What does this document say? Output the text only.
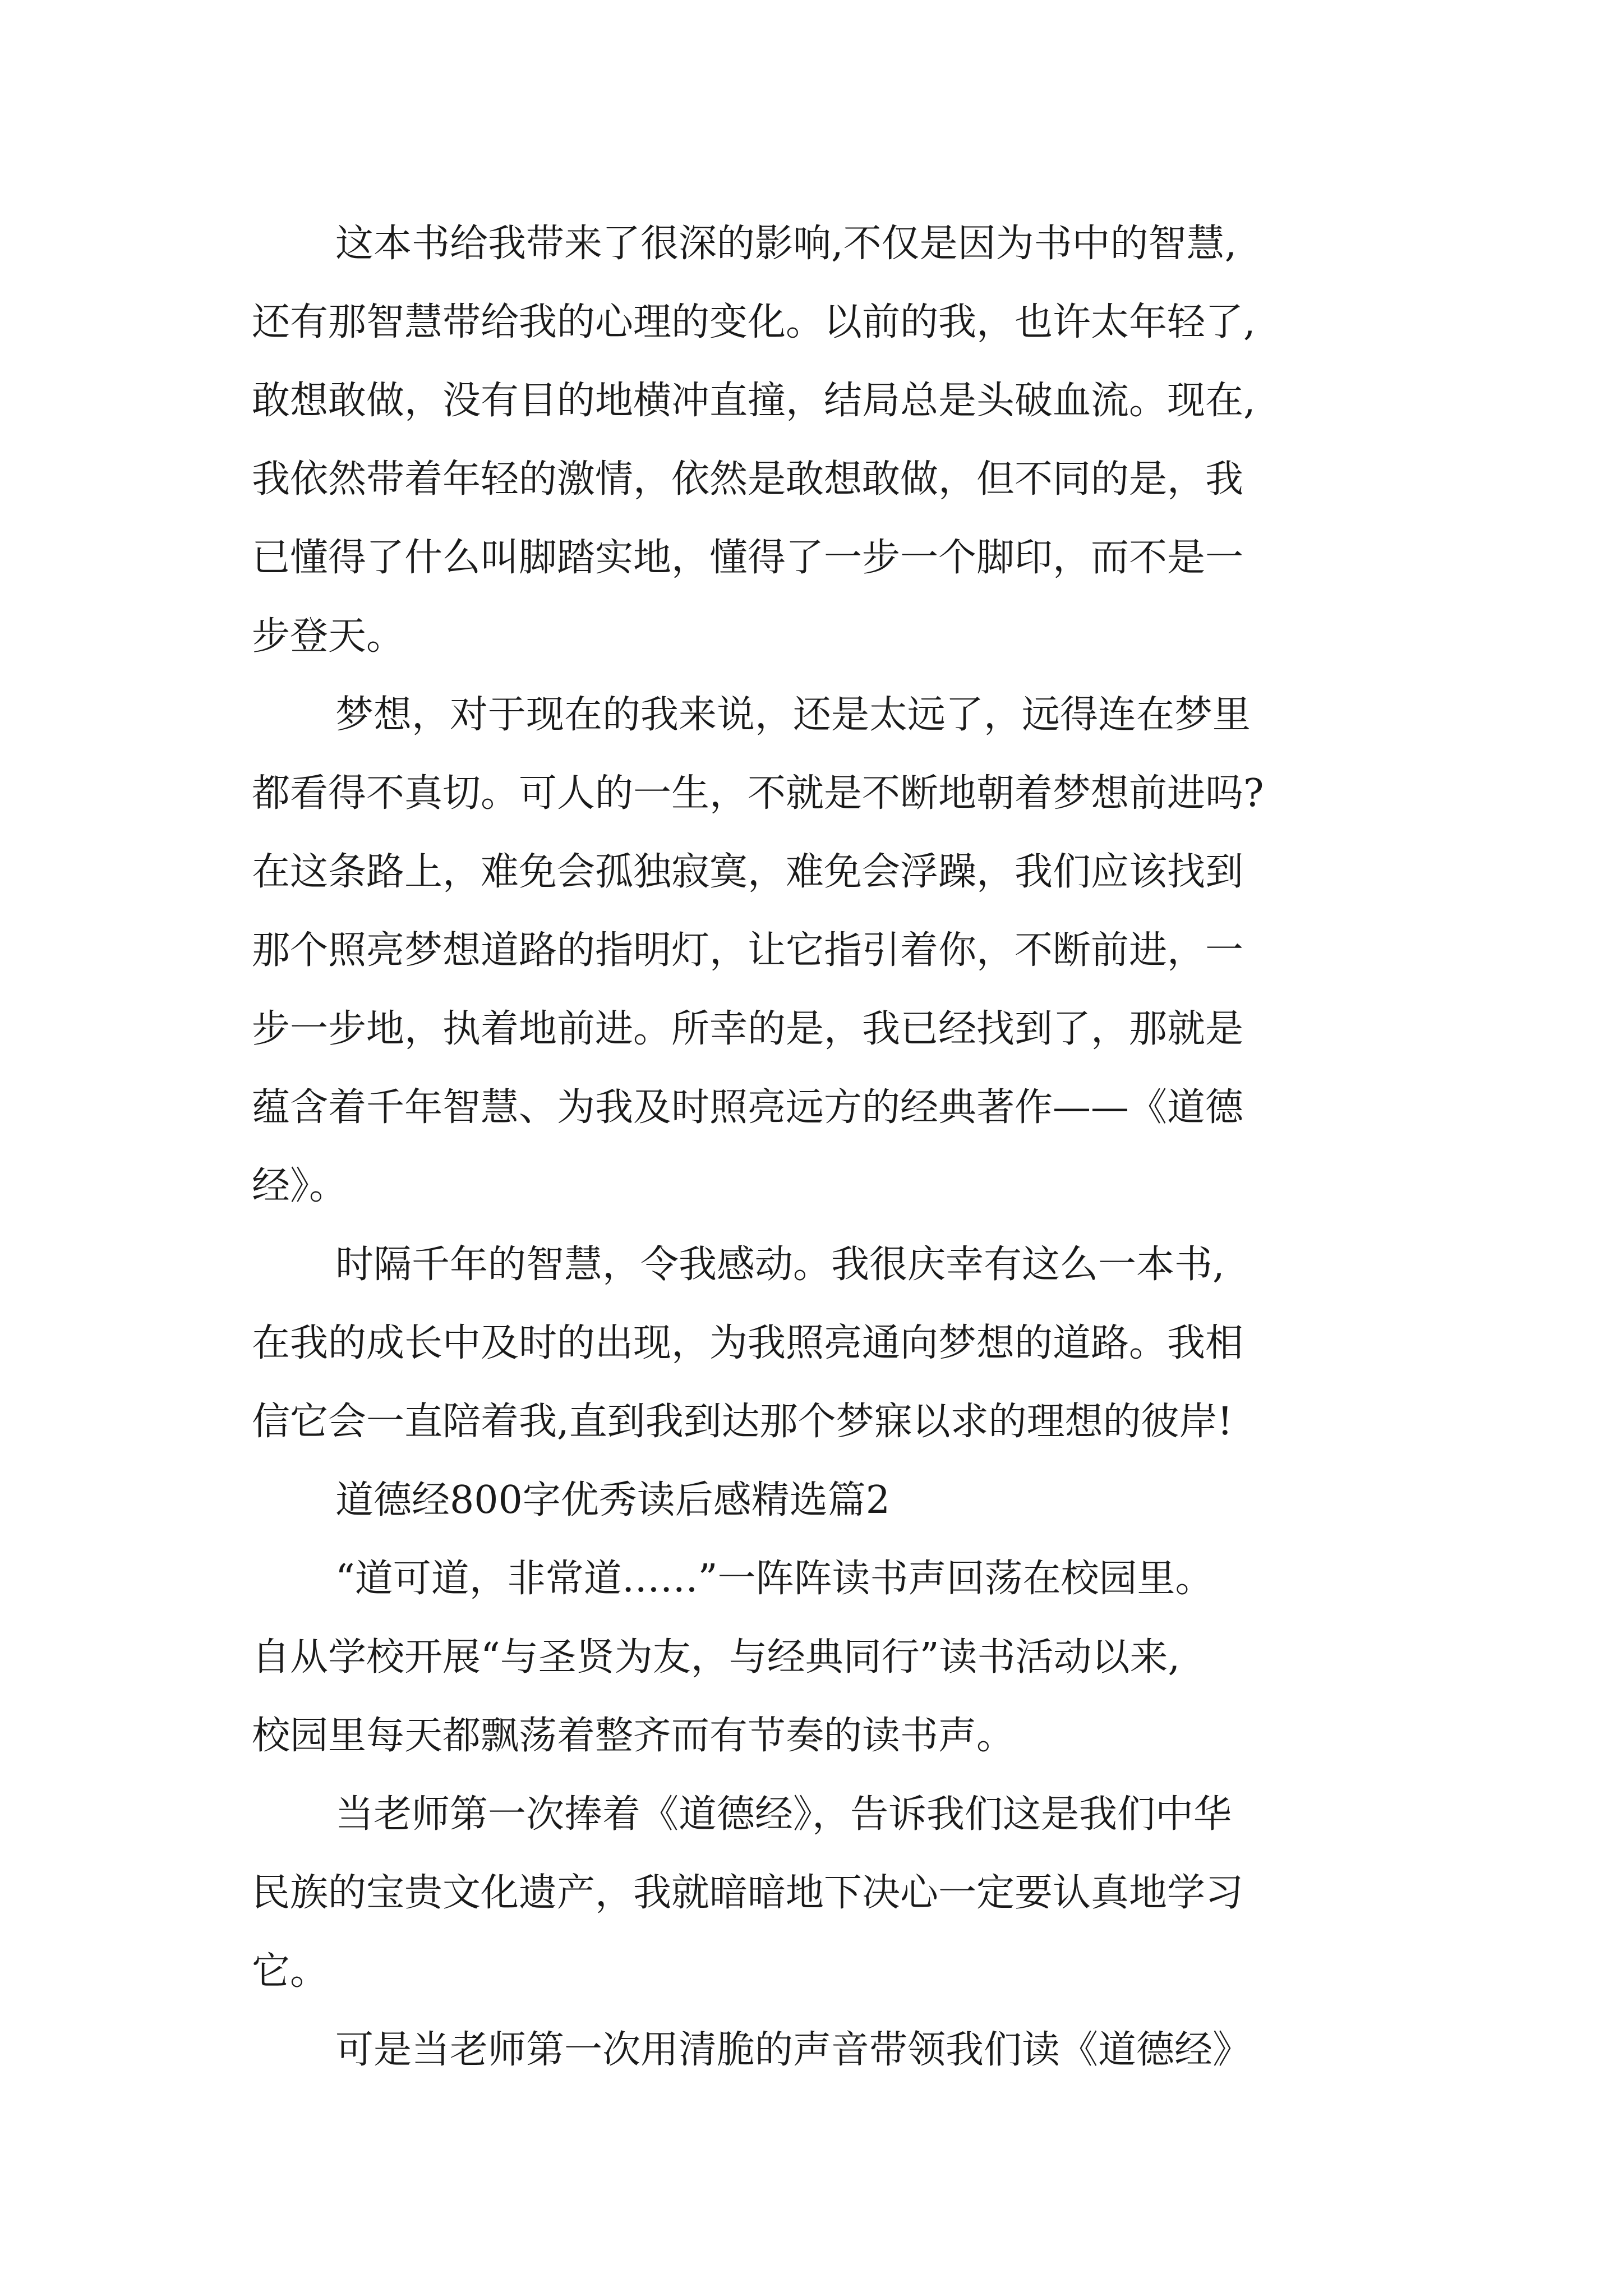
这本书给我带来了很深的影响,不仅是因为书中的智慧,

还有那智慧带给我的心理的变化。以前的我，也许太年轻了,

敢想敢做，没有目的地横冲直撞，结局总是头破血流。现在,

我依然带着年轻的激情，依然是敢想敢做，但不同的是，我

已懂得了什么叫脚踏实地，懂得了一步一个脚印，而不是一

步登天。

梦想，对于现在的我来说，还是太远了，远得连在梦里

都看得不真切。可人的一生，不就是不断地朝着梦想前进吗?

在这条路上，难免会孤独寂寞，难免会浮躁，我们应该找到

那个照亮梦想道路的指明灯，让它指引着你，不断前进，一

步一步地，执着地前进。所幸的是，我已经找到了，那就是

蕴含着千年智慧、为我及时照亮远方的经典著作——《道德

经》。

时隔千年的智慧，令我感动。我很庆幸有这么一本书,

在我的成长中及时的出现，为我照亮通向梦想的道路。我相

信它会一直陪着我,直到我到达那个梦寐以求的理想的彼岸!

道德经800字优秀读后感精选篇2

“道可道，非常道……”一阵阵读书声回荡在校园里。

自从学校开展“与圣贤为友，与经典同行”读书活动以来,

校园里每天都飘荡着整齐而有节奏的读书声。

当老师第一次捧着《道德经》，告诉我们这是我们中华

民族的宝贵文化遗产，我就暗暗地下决心一定要认真地学习

它。

可是当老师第一次用清脆的声音带领我们读《道德经》
